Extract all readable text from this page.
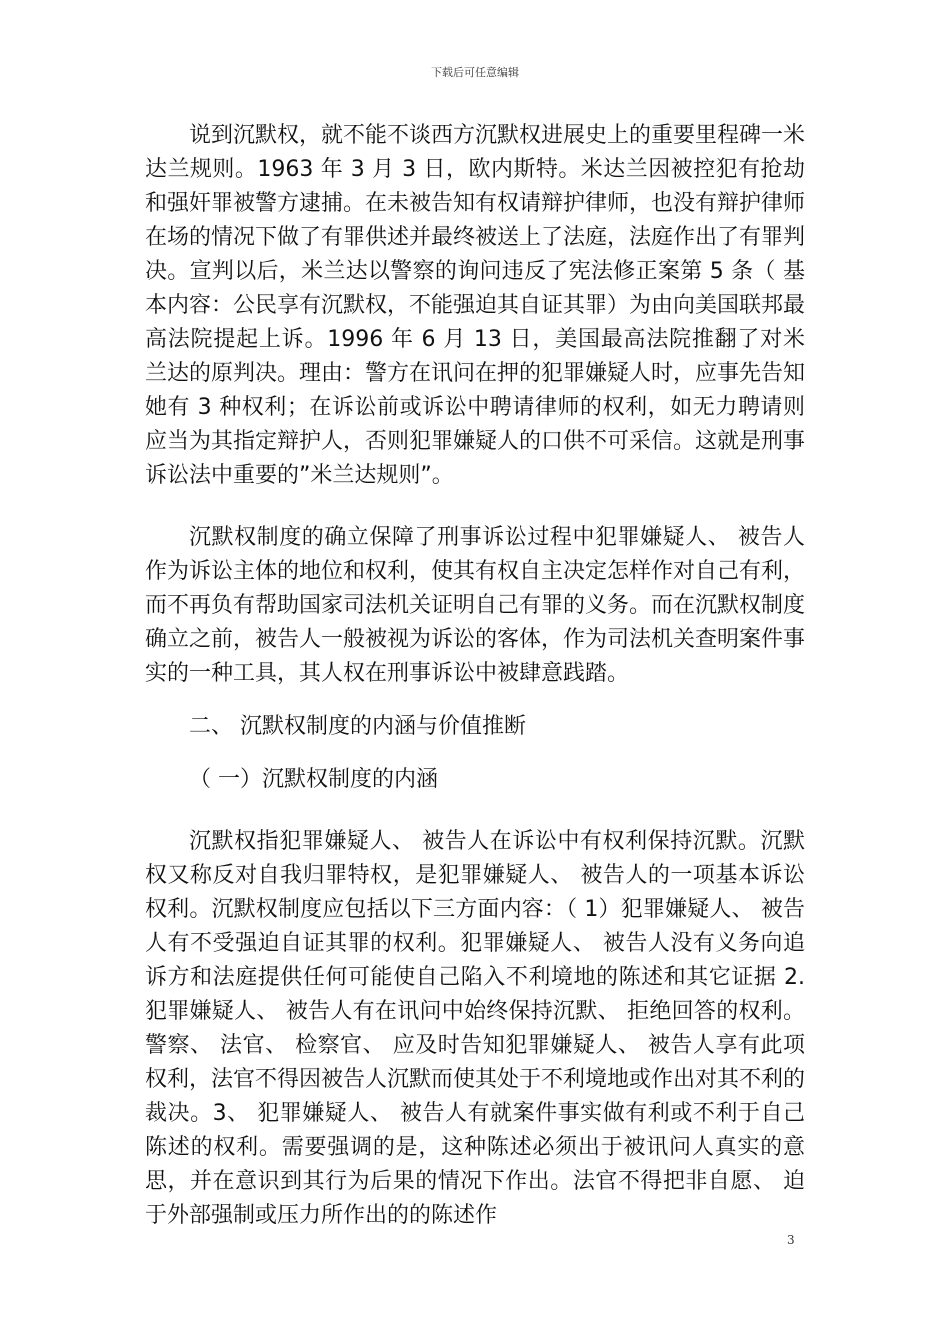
下载后可任意编辑

说到沉默权，就不能不谈西方沉默权进展史上的重要里程碑一米达兰规则。1963 年 3 月 3 日，欧内斯特。米达兰因被控犯有抢劫和强奸罪被警方逮捕。在未被告知有权请辩护律师，也没有辩护律师在场的情况下做了有罪供述并最终被送上了法庭，法庭作出了有罪判决。宣判以后，米兰达以警察的询问违反了宪法修正案第 5 条（ 基本内容：公民享有沉默权，不能强迫其自证其罪）为由向美国联邦最高法院提起上诉。1996 年 6 月 13 日，美国最高法院推翻了对米兰达的原判决。理由：警方在讯问在押的犯罪嫌疑人时，应事先告知她有 3 种权利；在诉讼前或诉讼中聘请律师的权利，如无力聘请则应当为其指定辩护人，否则犯罪嫌疑人的口供不可采信。这就是刑事诉讼法中重要的”米兰达规则”。

沉默权制度的确立保障了刑事诉讼过程中犯罪嫌疑人、 被告人作为诉讼主体的地位和权利，使其有权自主决定怎样作对自己有利，而不再负有帮助国家司法机关证明自己有罪的义务。而在沉默权制度确立之前，被告人一般被视为诉讼的客体，作为司法机关查明案件事实的一种工具，其人权在刑事诉讼中被肆意践踏。

二、 沉默权制度的内涵与价值推断

（ 一）沉默权制度的内涵

沉默权指犯罪嫌疑人、 被告人在诉讼中有权利保持沉默。沉默权又称反对自我归罪特权，是犯罪嫌疑人、 被告人的一项基本诉讼权利。沉默权制度应包括以下三方面内容：（ 1）犯罪嫌疑人、 被告人有不受强迫自证其罪的权利。犯罪嫌疑人、 被告人没有义务向追诉方和法庭提供任何可能使自己陷入不利境地的陈述和其它证据 2. 犯罪嫌疑人、 被告人有在讯问中始终保持沉默、 拒绝回答的权利。警察、 法官、 检察官、 应及时告知犯罪嫌疑人、 被告人享有此项权利，法官不得因被告人沉默而使其处于不利境地或作出对其不利的裁决。3、 犯罪嫌疑人、 被告人有就案件事实做有利或不利于自己陈述的权利。需要强调的是，这种陈述必须出于被讯问人真实的意思，并在意识到其行为后果的情况下作出。法官不得把非自愿、 迫于外部强制或压力所作出的的陈述作

3
